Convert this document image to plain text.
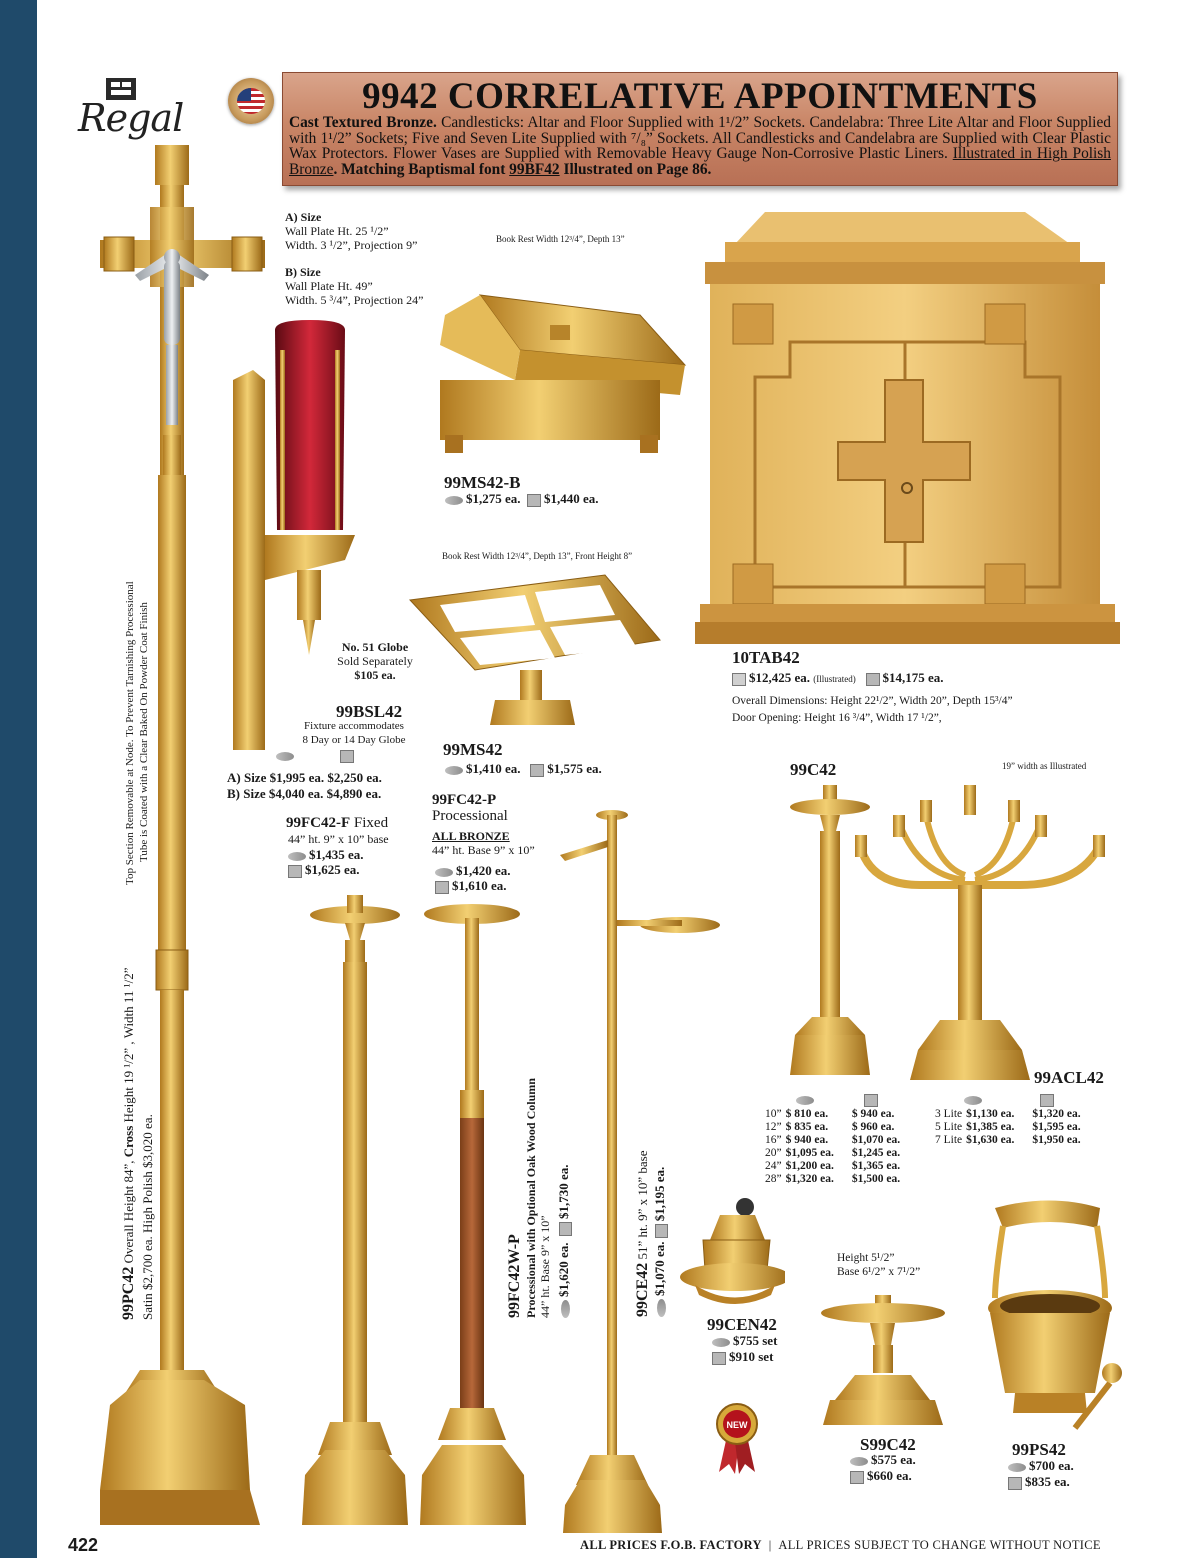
Regal	9942 CORRELATIVE APPOINTMENTS
Cast Textured Bronze. Candlesticks: Altar and Floor Supplied with 1¹/2” Sockets. Candelabra: Three Lite Altar and Floor Supplied with 1¹/2” Sockets; Five and Seven Lite Supplied with ⁷/₈” Sockets. All Candlesticks and Candelabra are Supplied with Clear Plastic Wax Protectors. Flower Vases are Supplied with Removable Heavy Gauge Non-Corrosive Plastic Liners. Illustrated in High Polish Bronze. Matching Baptismal font 99BF42 Illustrated on Page 86.
Top Section Removable at Node. To Prevent Tarnishing Processional Tube is Coated with a Clear Baked On Powder Coat Finish
99PC42 Overall Height 84”, Cross Height 19 ¹/2” , Width 11 ¹/2”
Satin $2,700 ea. High Polish $3,020 ea.
A) Size
Wall Plate Ht. 25 ¹/2”
Width. 3 ¹/2”, Projection 9”
B) Size
Wall Plate Ht. 49”
Width. 5 ³/4”, Projection 24”
No. 51 Globe
Sold Separately
$105 ea.
99BSL42
Fixture accommodates
8 Day or 14 Day Globe
A) Size $1,995 ea. $2,250 ea.
B) Size $4,040 ea. $4,890 ea.
Book Rest Width 12³/4”, Depth 13”
99MS42-B
$1,275 ea. $1,440 ea.
Book Rest Width 12³/4”, Depth 13”, Front Height 8”
99MS42
$1,410 ea. $1,575 ea.
10TAB42
$12,425 ea. (Illustrated) $14,175 ea.
Overall Dimensions: Height 22¹/2”, Width 20”, Depth 15³/4”
Door Opening: Height 16 ³/4”, Width 17 ¹/2”,
99FC42-F Fixed
44” ht. 9” x 10” base
$1,435 ea.
$1,625 ea.
99FC42-P
Processional
ALL BRONZE
44” ht. Base 9” x 10”
$1,420 ea.
$1,610 ea.
99FC42W-P Processional with Optional Oak Wood Column 44” ht. Base 9” x 10” $1,620 ea.  $1,730 ea.
99CE42 51” ht. 9” x 10” base
$1,070 ea. $1,195 ea.
99C42	19” width as Illustrated
99ACL42
10”	$ 810 ea.	$ 940 ea.
12”	$ 835 ea.	$ 960 ea.
16”	$ 940 ea.	$1,070 ea.
20”	$1,095 ea.	$1,245 ea.
24”	$1,200 ea.	$1,365 ea.
28”	$1,320 ea.	$1,500 ea.
3 Lite	$1,130 ea.	$1,320 ea.
5 Lite	$1,385 ea.	$1,595 ea.
7 Lite	$1,630 ea.	$1,950 ea.
99CEN42
$755 set
$910 set
NEW
Height 5¹/2”
Base 6¹/2” x 7¹/2”
S99C42
$575 ea.
$660 ea.
99PS42
$700 ea.
$835 ea.
422	ALL PRICES F.O.B. FACTORY | ALL PRICES SUBJECT TO CHANGE WITHOUT NOTICE
